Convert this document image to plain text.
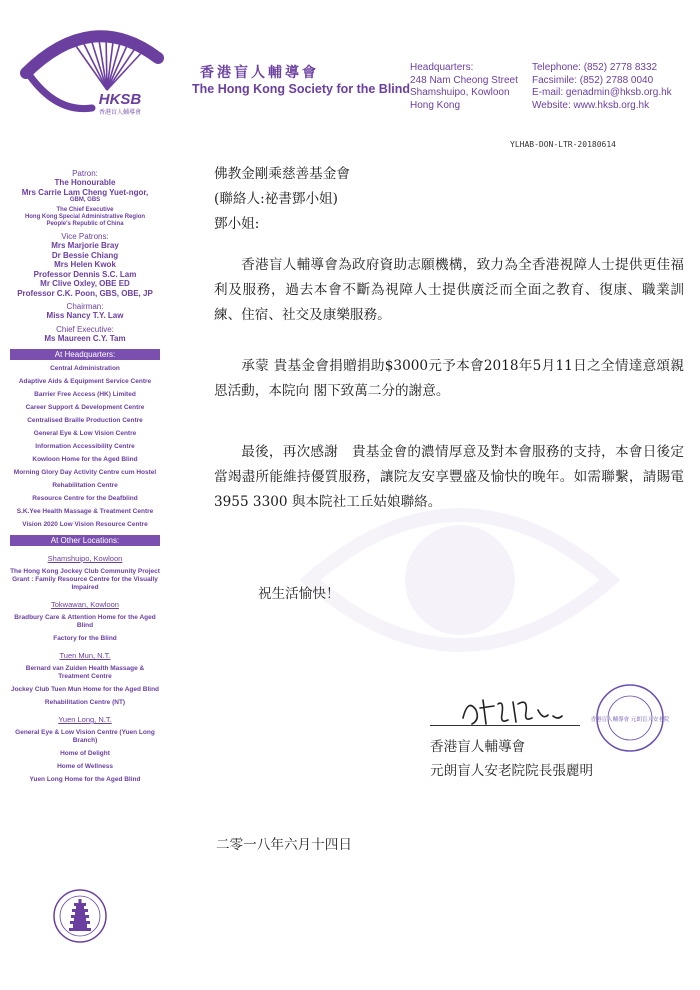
HKSB
香港盲人輔導會
香港盲人輔導會
The Hong Kong Society for the Blind
Headquarters:
248 Nam Cheong Street
Shamshuipo, Kowloon
Hong Kong
Telephone: (852) 2778 8332
Facsimile: (852) 2788 0040
E-mail: genadmin@hksb.org.hk
Website: www.hksb.org.hk
YLHAB-DON-LTR-20180614
Patron:
The Honourable
Mrs Carrie Lam Cheng Yuet-ngor,
GBM, GBS
The Chief Executive
Hong Kong Special Administrative Region
People's Republic of China
Vice Patrons:
Mrs Marjorie Bray
Dr Bessie Chiang
Mrs Helen Kwok
Professor Dennis S.C. Lam
Mr Clive Oxley, OBE ED
Professor C.K. Poon, GBS, OBE, JP
Chairman:
Miss Nancy T.Y. Law
Chief Executive:
Ms Maureen C.Y. Tam
At Headquarters:
Central Administration
Adaptive Aids & Equipment Service Centre
Barrier Free Access (HK) Limited
Career Support & Development Centre
Centralised Braille Production Centre
General Eye & Low Vision Centre
Information Accessibility Centre
Kowloon Home for the Aged Blind
Morning Glory Day Activity Centre cum Hostel
Rehabilitation Centre
Resource Centre for the Deafblind
S.K.Yee Health Massage & Treatment Centre
Vision 2020 Low Vision Resource Centre
At Other Locations:
Shamshuipo, Kowloon
The Hong Kong Jockey Club Community Project Grant : Family Resource Centre for the Visually Impaired
Tokwawan, Kowloon
Bradbury Care & Attention Home for the Aged Blind
Factory for the Blind
Tuen Mun, N.T.
Bernard van Zuiden Health Massage & Treatment Centre
Jockey Club Tuen Mun Home for the Aged Blind
Rehabilitation Centre (NT)
Yuen Long, N.T.
General Eye & Low Vision Centre (Yuen Long Branch)
Home of Delight
Home of Wellness
Yuen Long Home for the Aged Blind
佛教金剛乘慈善基金會
(聯絡人:祕書鄧小姐)
鄧小姐:
香港盲人輔導會為政府資助志願機構，致力為全香港視障人士提供更佳福利及服務，過去本會不斷為視障人士提供廣泛而全面之教育、復康、職業訓練、住宿、社交及康樂服務。
承蒙 貴基金會捐贈捐助$3000元予本會2018年5月11日之全情達意頌親恩活動，本院向 閣下致萬二分的謝意。
最後，再次感謝　貴基金會的濃情厚意及對本會服務的支持，本會日後定當竭盡所能維持優質服務，讓院友安享豐盛及愉快的晚年。如需聯繫，請賜電 3955 3300 與本院社工丘姑娘聯絡。
祝生活愉快！
香港盲人輔導會 元朗盲人安老院
香港盲人輔導會
元朗盲人安老院院長張麗明
二零一八年六月十四日
